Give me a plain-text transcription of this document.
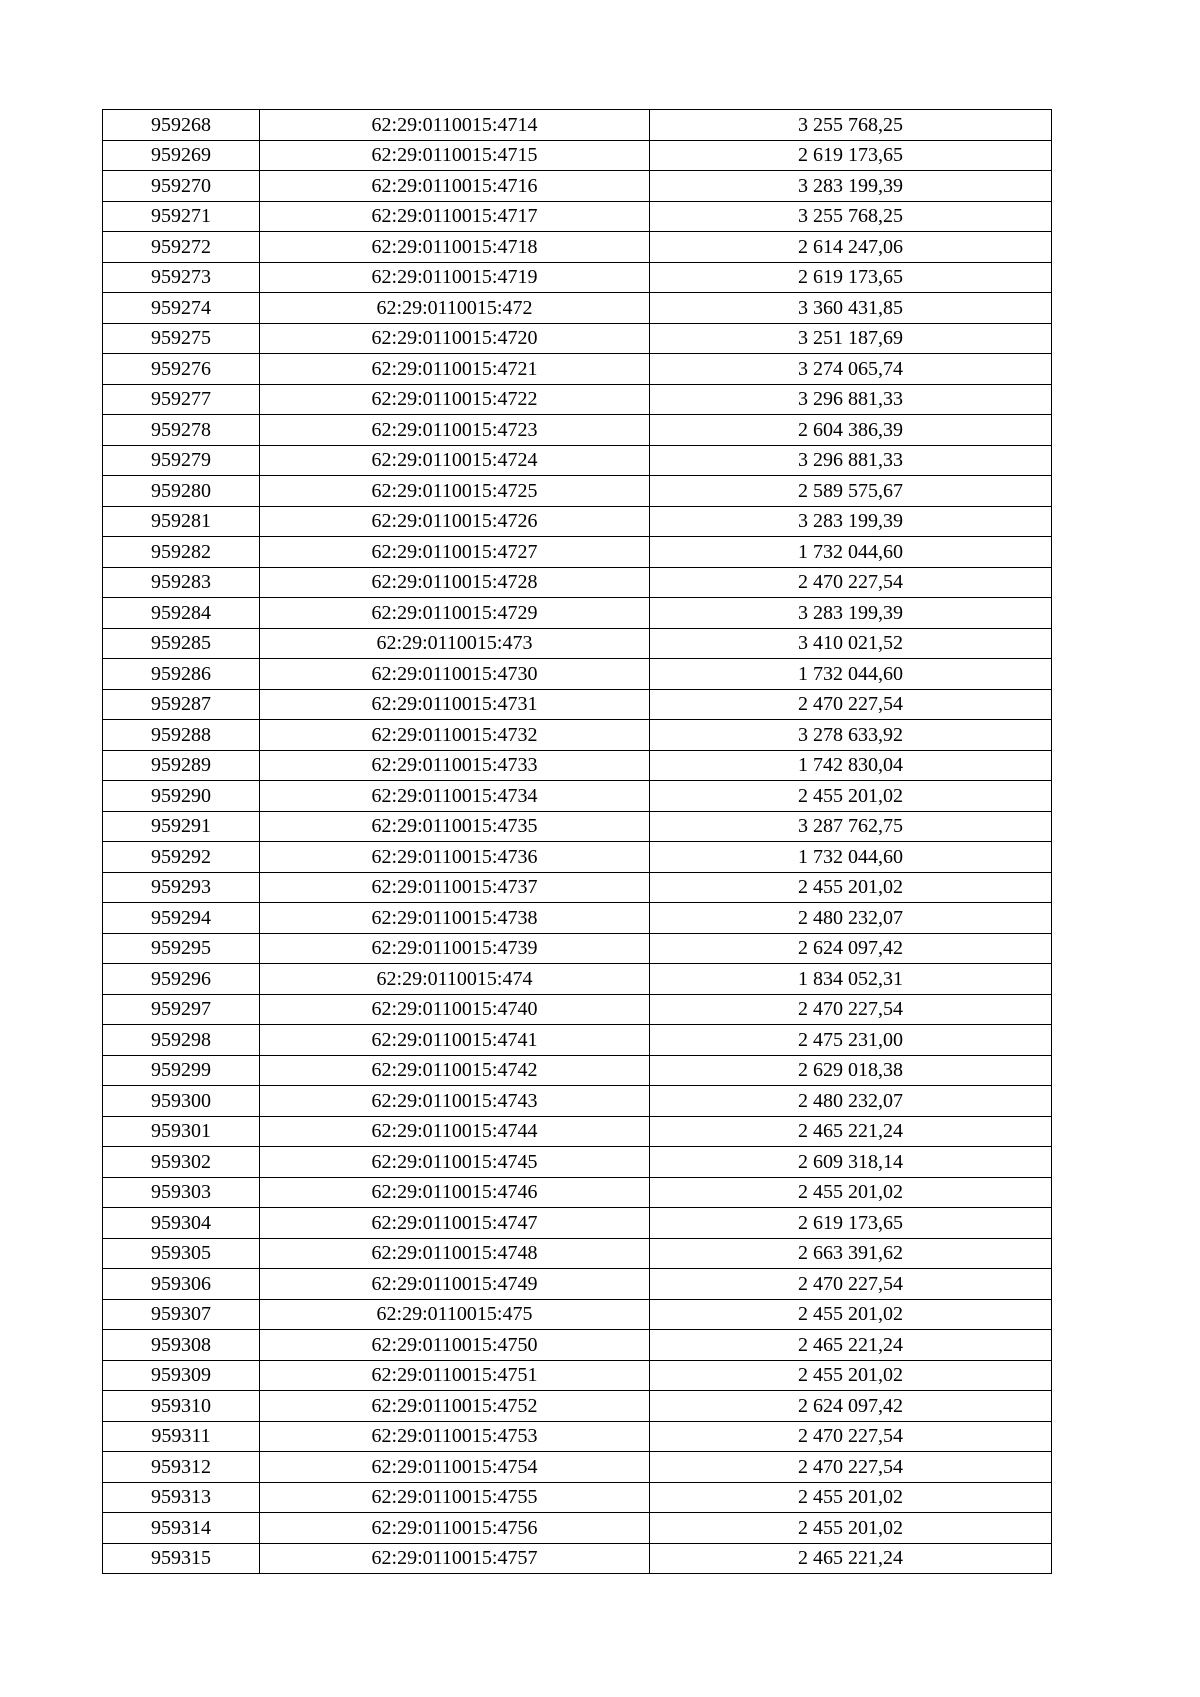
959268	62:29:0110015:4714	3 255 768,25
959269	62:29:0110015:4715	2 619 173,65
959270	62:29:0110015:4716	3 283 199,39
959271	62:29:0110015:4717	3 255 768,25
959272	62:29:0110015:4718	2 614 247,06
959273	62:29:0110015:4719	2 619 173,65
959274	62:29:0110015:472	3 360 431,85
959275	62:29:0110015:4720	3 251 187,69
959276	62:29:0110015:4721	3 274 065,74
959277	62:29:0110015:4722	3 296 881,33
959278	62:29:0110015:4723	2 604 386,39
959279	62:29:0110015:4724	3 296 881,33
959280	62:29:0110015:4725	2 589 575,67
959281	62:29:0110015:4726	3 283 199,39
959282	62:29:0110015:4727	1 732 044,60
959283	62:29:0110015:4728	2 470 227,54
959284	62:29:0110015:4729	3 283 199,39
959285	62:29:0110015:473	3 410 021,52
959286	62:29:0110015:4730	1 732 044,60
959287	62:29:0110015:4731	2 470 227,54
959288	62:29:0110015:4732	3 278 633,92
959289	62:29:0110015:4733	1 742 830,04
959290	62:29:0110015:4734	2 455 201,02
959291	62:29:0110015:4735	3 287 762,75
959292	62:29:0110015:4736	1 732 044,60
959293	62:29:0110015:4737	2 455 201,02
959294	62:29:0110015:4738	2 480 232,07
959295	62:29:0110015:4739	2 624 097,42
959296	62:29:0110015:474	1 834 052,31
959297	62:29:0110015:4740	2 470 227,54
959298	62:29:0110015:4741	2 475 231,00
959299	62:29:0110015:4742	2 629 018,38
959300	62:29:0110015:4743	2 480 232,07
959301	62:29:0110015:4744	2 465 221,24
959302	62:29:0110015:4745	2 609 318,14
959303	62:29:0110015:4746	2 455 201,02
959304	62:29:0110015:4747	2 619 173,65
959305	62:29:0110015:4748	2 663 391,62
959306	62:29:0110015:4749	2 470 227,54
959307	62:29:0110015:475	2 455 201,02
959308	62:29:0110015:4750	2 465 221,24
959309	62:29:0110015:4751	2 455 201,02
959310	62:29:0110015:4752	2 624 097,42
959311	62:29:0110015:4753	2 470 227,54
959312	62:29:0110015:4754	2 470 227,54
959313	62:29:0110015:4755	2 455 201,02
959314	62:29:0110015:4756	2 455 201,02
959315	62:29:0110015:4757	2 465 221,24
